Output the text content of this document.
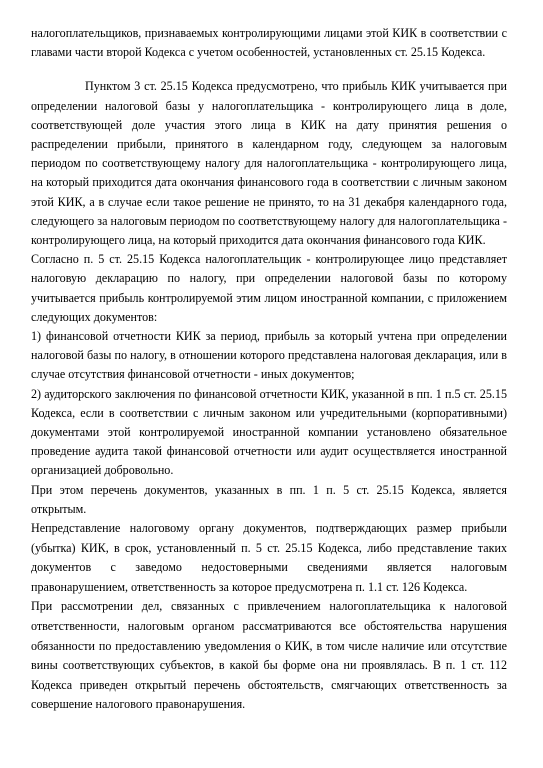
налогоплательщиков, признаваемых контролирующими лицами этой КИК в соответствии с главами части второй Кодекса с учетом особенностей, установленных ст. 25.15 Кодекса.

Пунктом 3 ст. 25.15 Кодекса предусмотрено, что прибыль КИК учитывается при определении налоговой базы у налогоплательщика - контролирующего лица в доле, соответствующей доле участия этого лица в КИК на дату принятия решения о распределении прибыли, принятого в календарном году, следующем за налоговым периодом по соответствующему налогу для налогоплательщика - контролирующего лица, на который приходится дата окончания финансового года в соответствии с личным законом этой КИК, а в случае если такое решение не принято, то на 31 декабря календарного года, следующего за налоговым периодом по соответствующему налогу для налогоплательщика - контролирующего лица, на который приходится дата окончания финансового года КИК.

Согласно п. 5 ст. 25.15 Кодекса налогоплательщик - контролирующее лицо представляет налоговую декларацию по налогу, при определении налоговой базы по которому учитывается прибыль контролируемой этим лицом иностранной компании, с приложением следующих документов:

1) финансовой отчетности КИК за период, прибыль за который учтена при определении налоговой базы по налогу, в отношении которого представлена налоговая декларация, или в случае отсутствия финансовой отчетности - иных документов;

2) аудиторского заключения по финансовой отчетности КИК, указанной в пп. 1 п.5 ст. 25.15 Кодекса, если в соответствии с личным законом или учредительными (корпоративными) документами этой контролируемой иностранной компании установлено обязательное проведение аудита такой финансовой отчетности или аудит осуществляется иностранной организацией добровольно.

При этом перечень документов, указанных в пп. 1 п. 5 ст. 25.15 Кодекса, является открытым.

Непредставление налоговому органу документов, подтверждающих размер прибыли (убытка) КИК, в срок, установленный п. 5 ст. 25.15 Кодекса, либо представление таких документов с заведомо недостоверными сведениями является налоговым правонарушением, ответственность за которое предусмотрена п. 1.1 ст. 126 Кодекса.

При рассмотрении дел, связанных с привлечением налогоплательщика к налоговой ответственности, налоговым органом рассматриваются все обстоятельства нарушения обязанности по предоставлению уведомления о КИК, в том числе наличие или отсутствие вины соответствующих субъектов, в какой бы форме она ни проявлялась. В п. 1 ст. 112 Кодекса приведен открытый перечень обстоятельств, смягчающих ответственность за совершение налогового правонарушения.
